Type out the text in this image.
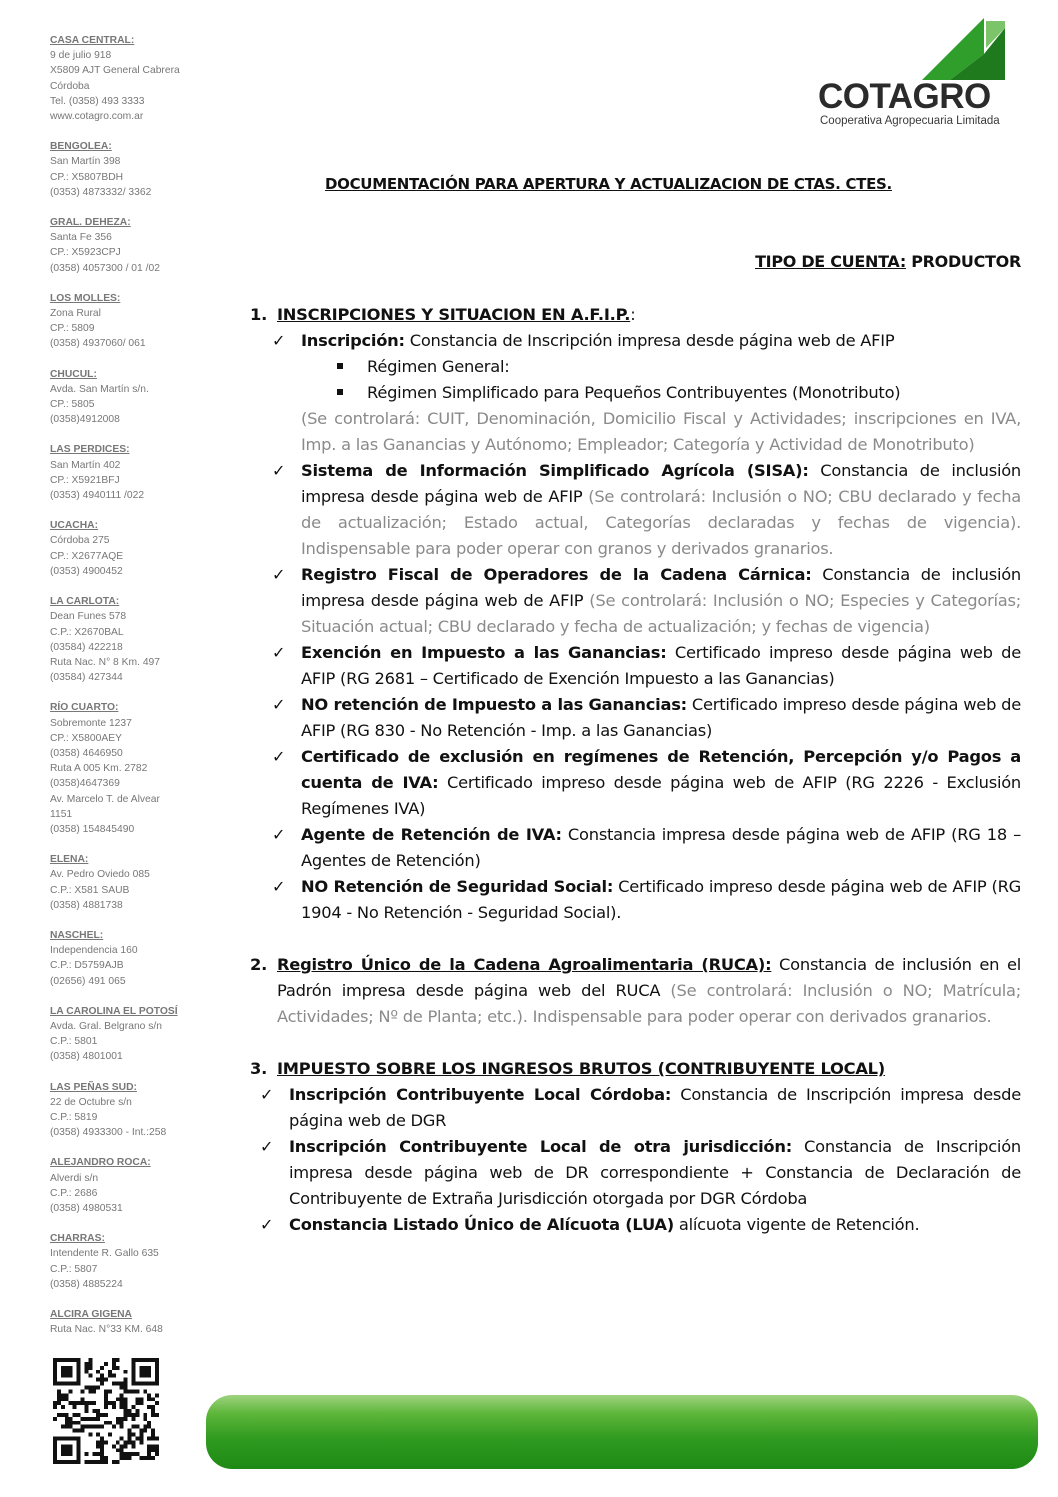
CASA CENTRAL:
9 de julio 918
X5809 AJT General Cabrera
Córdoba
Tel. (0358) 493 3333
www.cotagro.com.ar
BENGOLEA:
San Martín 398
CP.: X5807BDH
(0353) 4873332/ 3362
GRAL. DEHEZA:
Santa Fe 356
CP.: X5923CPJ
(0358) 4057300 / 01 /02
LOS MOLLES:
Zona Rural
CP.: 5809
(0358) 4937060/ 061
CHUCUL:
Avda. San Martín s/n.
CP.: 5805
(0358)4912008
LAS PERDICES:
San Martín 402
CP.: X5921BFJ
(0353) 4940111 /022
UCACHA:
Córdoba 275
CP.: X2677AQE
(0353) 4900452
LA CARLOTA:
Dean Funes 578
C.P.: X2670BAL
(03584) 422218
Ruta Nac. N° 8 Km. 497
(03584) 427344
RÍO CUARTO:
Sobremonte 1237
CP.: X5800AEY
(0358) 4646950
Ruta A 005 Km. 2782
(0358)4647369
Av. Marcelo T. de Alvear
1151
(0358) 154845490
ELENA:
Av. Pedro Oviedo 085
C.P.: X581 SAUB
(0358) 4881738
NASCHEL:
Independencia 160
C.P.: D5759AJB
(02656) 491 065
LA CAROLINA EL POTOSÍ
Avda. Gral. Belgrano s/n
C.P.: 5801
(0358) 4801001
LAS PEÑAS SUD:
22 de Octubre s/n
C.P.: 5819
(0358) 4933300 - Int.:258
ALEJANDRO ROCA:
Alverdi s/n
C.P.: 2686
(0358) 4980531
CHARRAS:
Intendente R. Gallo 635
C.P.: 5807
(0358) 4885224
ALCIRA GIGENA
Ruta Nac. N°33 KM. 648
COTAGRO
Cooperativa Agropecuaria Limitada
DOCUMENTACIÓN PARA APERTURA Y ACTUALIZACION DE CTAS. CTES.
TIPO DE CUENTA: PRODUCTOR
1. INSCRIPCIONES Y SITUACION EN A.F.I.P.:
✓ Inscripción: Constancia de Inscripción impresa desde página web de AFIP
Régimen General:
Régimen Simplificado para Pequeños Contribuyentes (Monotributo)
(Se controlará: CUIT, Denominación, Domicilio Fiscal y Actividades; inscripciones en IVA, Imp. a las Ganancias y Autónomo; Empleador; Categoría y Actividad de Monotributo)
✓ Sistema de Información Simplificado Agrícola (SISA): Constancia de inclusión impresa desde página web de AFIP (Se controlará: Inclusión o NO; CBU declarado y fecha de actualización; Estado actual, Categorías declaradas y fechas de vigencia). Indispensable para poder operar con granos y derivados granarios.
✓ Registro Fiscal de Operadores de la Cadena Cárnica: Constancia de inclusión impresa desde página web de AFIP (Se controlará: Inclusión o NO; Especies y Categorías; Situación actual; CBU declarado y fecha de actualización; y fechas de vigencia)
✓ Exención en Impuesto a las Ganancias: Certificado impreso desde página web de AFIP (RG 2681 – Certificado de Exención Impuesto a las Ganancias)
✓ NO retención de Impuesto a las Ganancias: Certificado impreso desde página web de AFIP (RG 830 - No Retención - Imp. a las Ganancias)
✓ Certificado de exclusión en regímenes de Retención, Percepción y/o Pagos a cuenta de IVA: Certificado impreso desde página web de AFIP (RG 2226 - Exclusión Regímenes IVA)
✓ Agente de Retención de IVA: Constancia impresa desde página web de AFIP (RG 18 – Agentes de Retención)
✓ NO Retención de Seguridad Social: Certificado impreso desde página web de AFIP (RG 1904 - No Retención - Seguridad Social).
2. Registro Único de la Cadena Agroalimentaria (RUCA): Constancia de inclusión en el Padrón impresa desde página web del RUCA (Se controlará: Inclusión o NO; Matrícula; Actividades; Nº de Planta; etc.). Indispensable para poder operar con derivados granarios.
3. IMPUESTO SOBRE LOS INGRESOS BRUTOS (CONTRIBUYENTE LOCAL)
✓ Inscripción Contribuyente Local Córdoba: Constancia de Inscripción impresa desde página web de DGR
✓ Inscripción Contribuyente Local de otra jurisdicción: Constancia de Inscripción impresa desde página web de DR correspondiente + Constancia de Declaración de Contribuyente de Extraña Jurisdicción otorgada por DGR Córdoba
✓ Constancia Listado Único de Alícuota (LUA) alícuota vigente de Retención.
